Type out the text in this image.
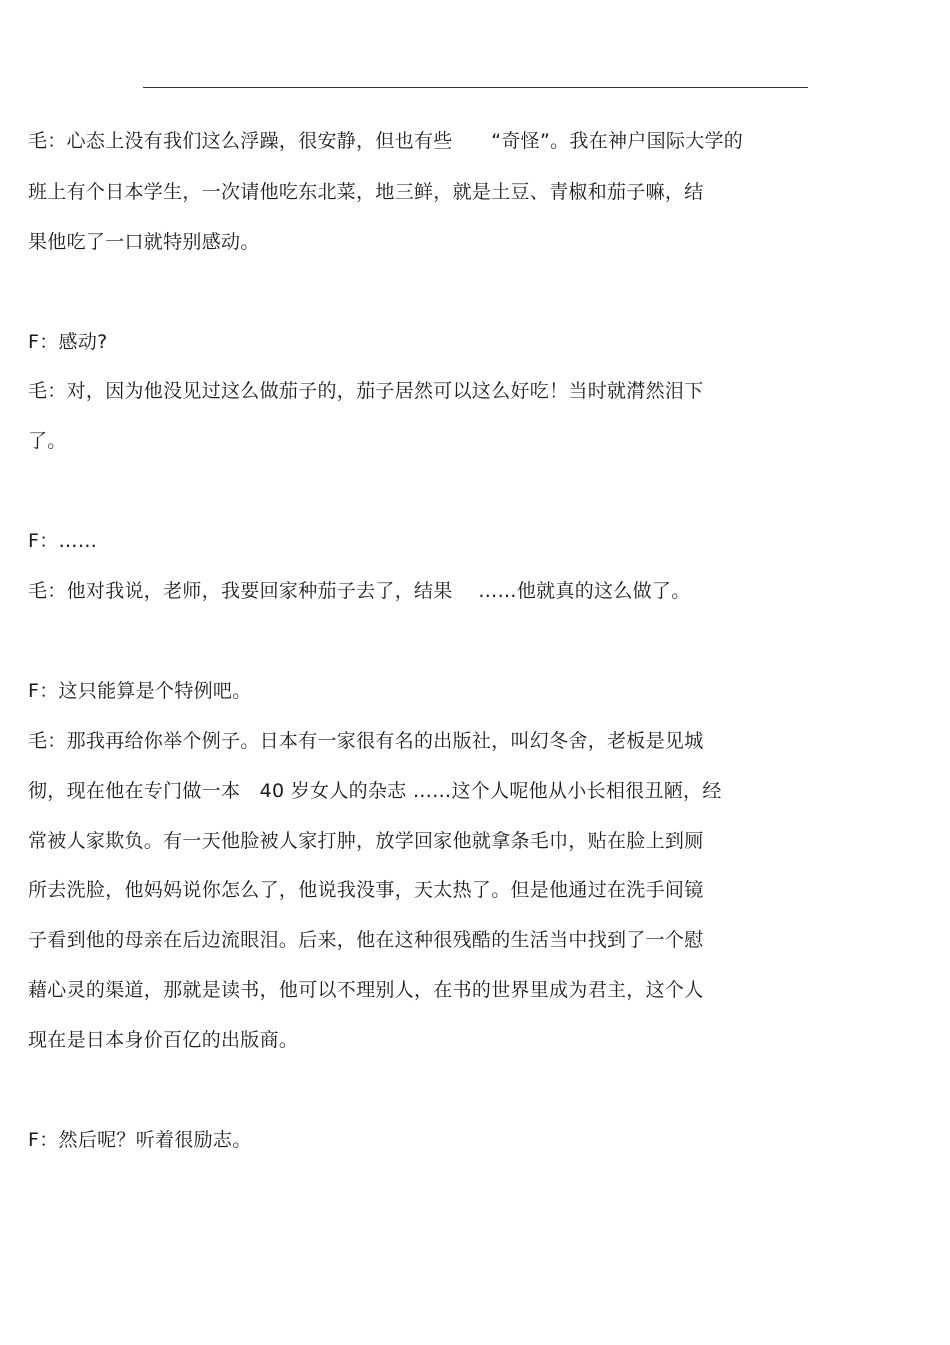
毛：心态上没有我们这么浮躁，很安静，但也有些　　“奇怪”。我在神户国际大学的
班上有个日本学生，一次请他吃东北菜，地三鲜，就是土豆、青椒和茄子嘛，结
果他吃了一口就特别感动。
F：感动?
毛：对，因为他没见过这么做茄子的，茄子居然可以这么好吃！当时就潸然泪下
了。
F：……
毛：他对我说，老师，我要回家种茄子去了，结果　 ……他就真的这么做了。
F：这只能算是个特例吧。
毛：那我再给你举个例子。日本有一家很有名的出版社，叫幻冬舍，老板是见城
彻，现在他在专门做一本　40 岁女人的杂志 ……这个人呢他从小长相很丑陋，经
常被人家欺负。有一天他脸被人家打肿，放学回家他就拿条毛巾，贴在脸上到厕
所去洗脸，他妈妈说你怎么了，他说我没事，天太热了。但是他通过在洗手间镜
子看到他的母亲在后边流眼泪。后来，他在这种很残酷的生活当中找到了一个慰
藉心灵的渠道，那就是读书，他可以不理别人，在书的世界里成为君主，这个人
现在是日本身价百亿的出版商。
F：然后呢？听着很励志。
